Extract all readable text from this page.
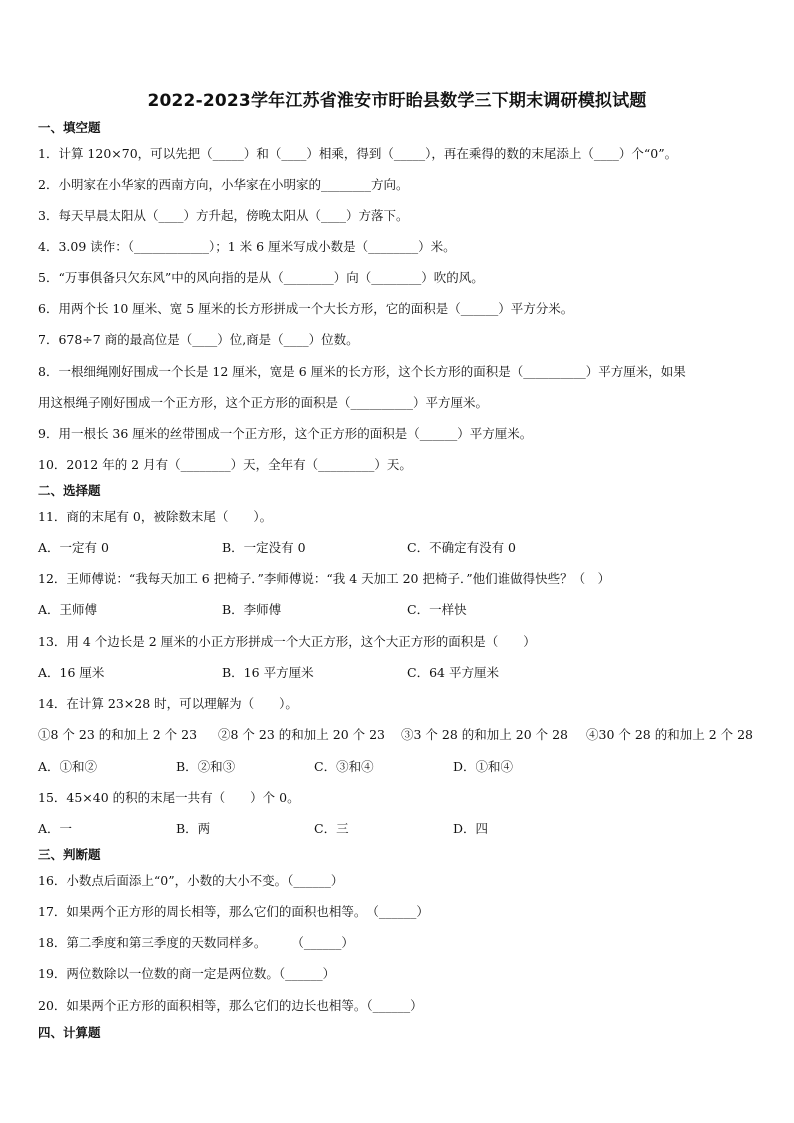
2022-2023学年江苏省淮安市盱眙县数学三下期末调研模拟试题
一、填空题
1．计算 120×70，可以先把（_____）和（____）相乘，得到（_____），再在乘得的数的末尾添上（____）个“0”。
2．小明家在小华家的西南方向，小华家在小明家的________方向。
3．每天早晨太阳从（____）方升起，傍晚太阳从（____）方落下。
4．3.09 读作：（____________）；1 米 6 厘米写成小数是（________）米。
5．“万事俱备只欠东风”中的风向指的是从（________）向（________）吹的风。
6．用两个长 10 厘米、宽 5 厘米的长方形拼成一个大长方形，它的面积是（______）平方分米。
7．678÷7 商的最高位是（____）位,商是（____）位数。
8．一根细绳刚好围成一个长是 12 厘米，宽是 6 厘米的长方形，这个长方形的面积是（__________）平方厘米，如果
用这根绳子刚好围成一个正方形，这个正方形的面积是（__________）平方厘米。
9．用一根长 36 厘米的丝带围成一个正方形，这个正方形的面积是（______）平方厘米。
10．2012 年的 2 月有（________）天，全年有（_________）天。
二、选择题
11．商的末尾有 0，被除数末尾（　　）。
A．一定有 0	B．一定没有 0	C．不确定有没有 0
12．王师傅说：“我每天加工 6 把椅子．”李师傅说：“我 4 天加工 20 把椅子．”他们谁做得快些？（　）
A．王师傅	B．李师傅	C．一样快
13．用 4 个边长是 2 厘米的小正方形拼成一个大正方形，这个大正方形的面积是（　　）
A．16 厘米	B．16 平方厘米	C．64 平方厘米
14．在计算 23×28 时，可以理解为（　　）。
①8 个 23 的和加上 2 个 23 ②8 个 23 的和加上 20 个 23 ③3 个 28 的和加上 20 个 28 ④30 个 28 的和加上 2 个 28
A．①和②	B．②和③	C．③和④	D．①和④
15．45×40 的积的末尾一共有（　　）个 0。
A．一	B．两	C．三	D．四
三、判断题
16．小数点后面添上“0”，小数的大小不变。（______）
17．如果两个正方形的周长相等，那么它们的面积也相等。　（______）
18．第二季度和第三季度的天数同样多。　　　（______）
19．两位数除以一位数的商一定是两位数。（______）
20．如果两个正方形的面积相等，那么它们的边长也相等。（______）
四、计算题
